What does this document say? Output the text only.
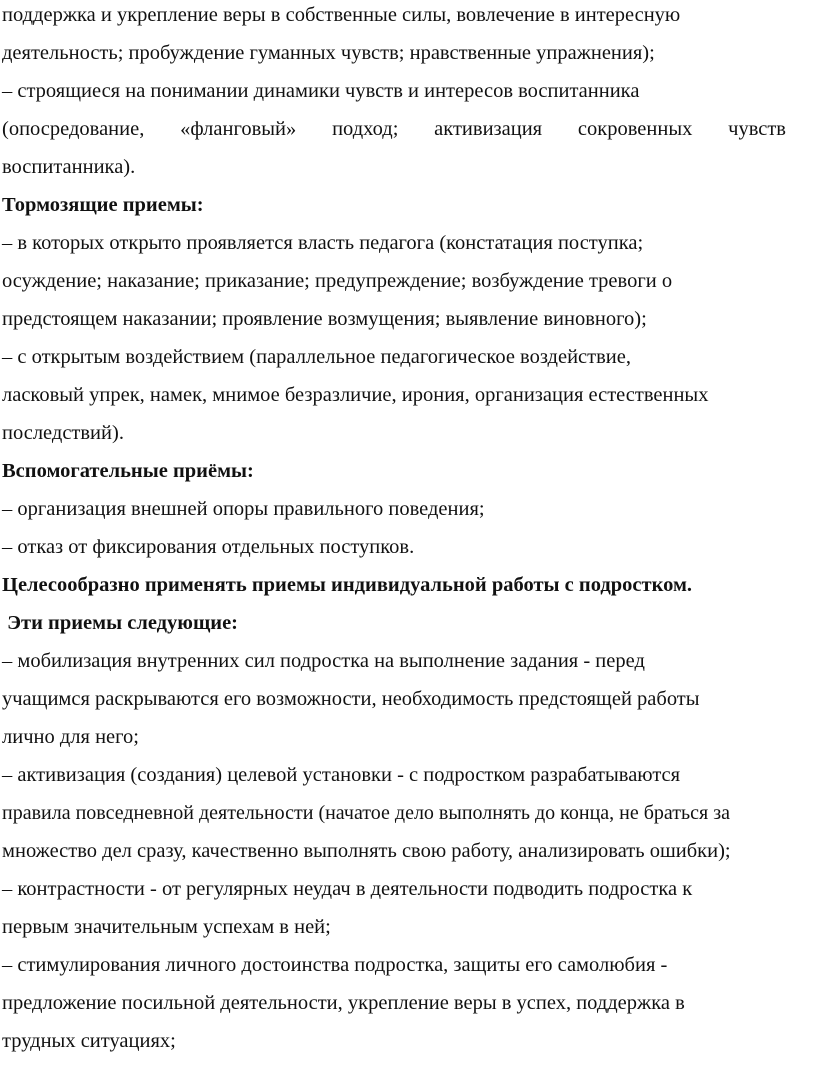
поддержка и укрепление веры в собственные силы, вовлечение в интересную
деятельность; пробуждение гуманных чувств; нравственные упражнения);
– строящиеся на понимании динамики чувств и интересов воспитанника
(опосредование, «фланговый» подход; активизация сокровенных чувств
воспитанника).
Тормозящие приемы:
– в которых открыто проявляется власть педагога (констатация поступка;
осуждение; наказание; приказание; предупреждение; возбуждение тревоги о
предстоящем наказании; проявление возмущения; выявление виновного);
– с открытым воздействием (параллельное педагогическое воздействие,
ласковый упрек, намек, мнимое безразличие, ирония, организация естественных
последствий).
Вспомогательные приёмы:
– организация внешней опоры правильного поведения;
– отказ от фиксирования отдельных поступков.
Целесообразно применять приемы индивидуальной работы с подростком.
Эти приемы следующие:
– мобилизация внутренних сил подростка на выполнение задания - перед
учащимся раскрываются его возможности, необходимость предстоящей работы
лично для него;
– активизация (создания) целевой установки - с подростком разрабатываются
правила повседневной деятельности (начатое дело выполнять до конца, не браться за
множество дел сразу, качественно выполнять свою работу, анализировать ошибки);
– контрастности - от регулярных неудач в деятельности подводить подростка к
первым значительным успехам в ней;
– стимулирования личного достоинства подростка, защиты его самолюбия -
предложение посильной деятельности, укрепление веры в успех, поддержка в
трудных ситуациях;
